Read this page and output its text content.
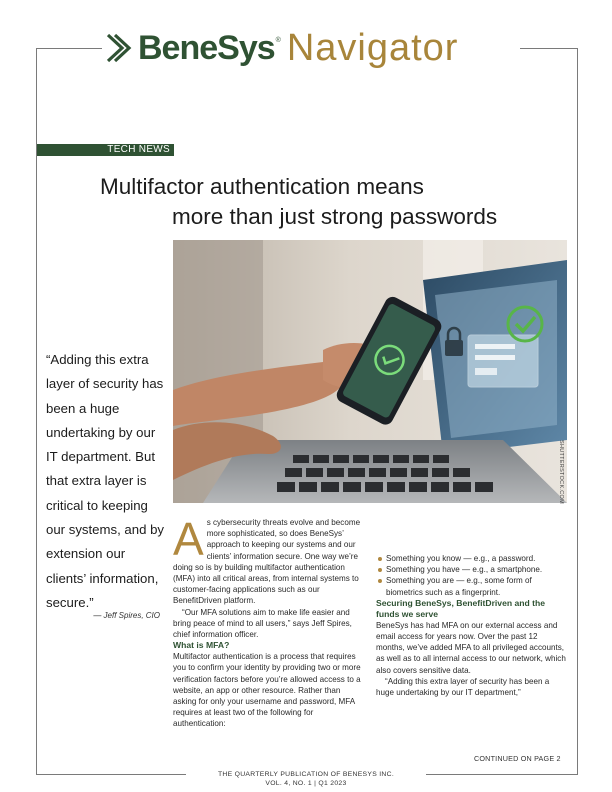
BeneSys ® Navigator
TECH NEWS
Multifactor authentication means
more than just strong passwords
SHUTTERSTOCK.COM
“Adding this extra layer of security has been a huge undertaking by our IT department. But that extra layer is critical to keeping our systems, and by extension our clients’ information, secure.”
— Jeff Spires, CIO

As cybersecurity threats evolve and become more sophisticated, so does BeneSys’ approach to keeping our systems and our clients’ information secure. One way we’re doing so is by building multifactor authentication (MFA) into all critical areas, from internal systems to customer-facing applications such as our BenefitDriven platform.

“Our MFA solutions aim to make life easier and bring peace of mind to all users,” says Jeff Spires, chief information officer.

What is MFA?

Multifactor authentication is a process that requires you to confirm your identity by providing two or more verification factors before you’re allowed access to a website, an app or other resource. Rather than asking for only your username and password, MFA requires at least two of the following for authentication:

Something you know — e.g., a password.
Something you have — e.g., a smartphone.
Something you are — e.g., some form of biometrics such as a fingerprint.

Securing BeneSys, BenefitDriven and the funds we serve

BeneSys has had MFA on our external access and email access for years now. Over the past 12 months, we’ve added MFA to all privileged accounts, as well as to all internal access to our network, which also covers sensitive data.

“Adding this extra layer of security has been a huge undertaking by our IT department,”

CONTINUED ON PAGE 2
THE QUARTERLY PUBLICATION OF BENESYS INC.
VOL. 4, NO. 1 | Q1 2023
